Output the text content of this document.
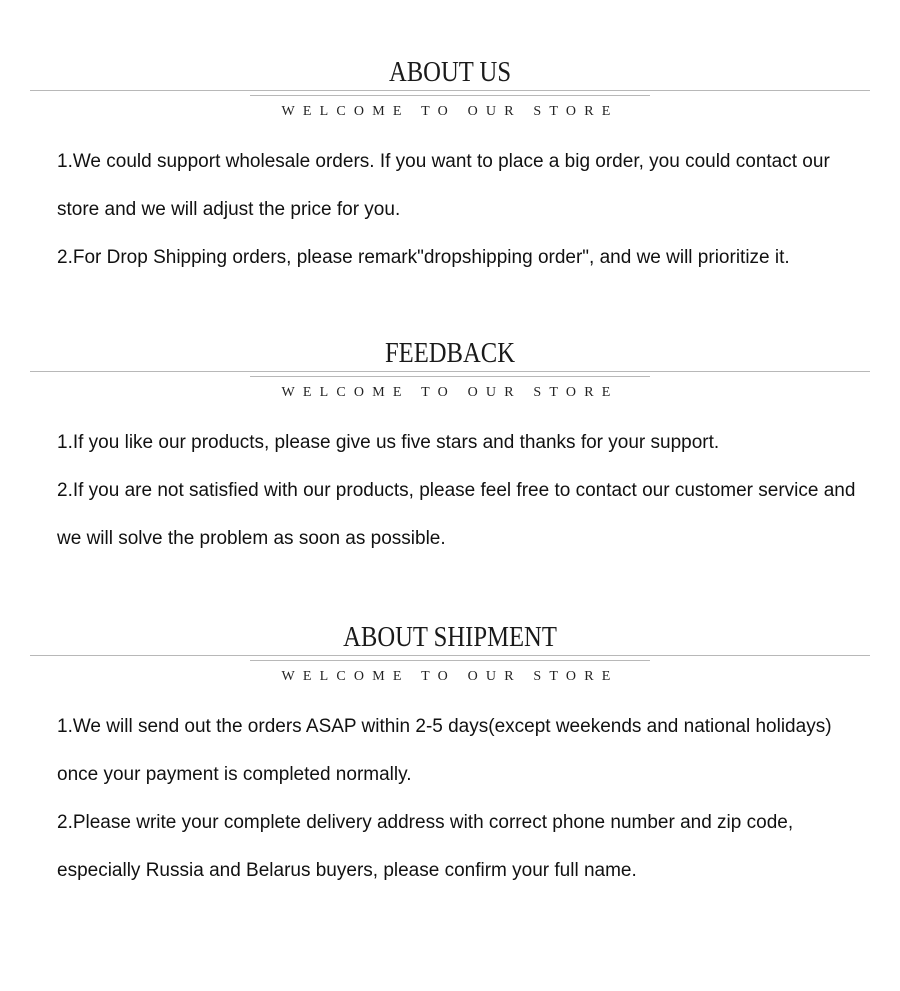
ABOUT US
WELCOME TO OUR STORE

1.We could support wholesale orders. If you want to place a big order, you could contact our store and we will adjust the price for you.

2.For Drop Shipping orders, please remark"dropshipping order", and we will prioritize it.

FEEDBACK
WELCOME TO OUR STORE

1.If you like our products, please give us five stars and thanks for your support.

2.If you are not satisfied with our products, please feel free to contact our customer service and we will solve the problem as soon as possible.

ABOUT SHIPMENT
WELCOME TO OUR STORE

1.We will send out the orders ASAP within 2-5 days(except weekends and national holidays) once your payment is completed normally.

2.Please write your complete delivery address with correct phone number and zip code, especially Russia and Belarus buyers, please confirm your full name.
